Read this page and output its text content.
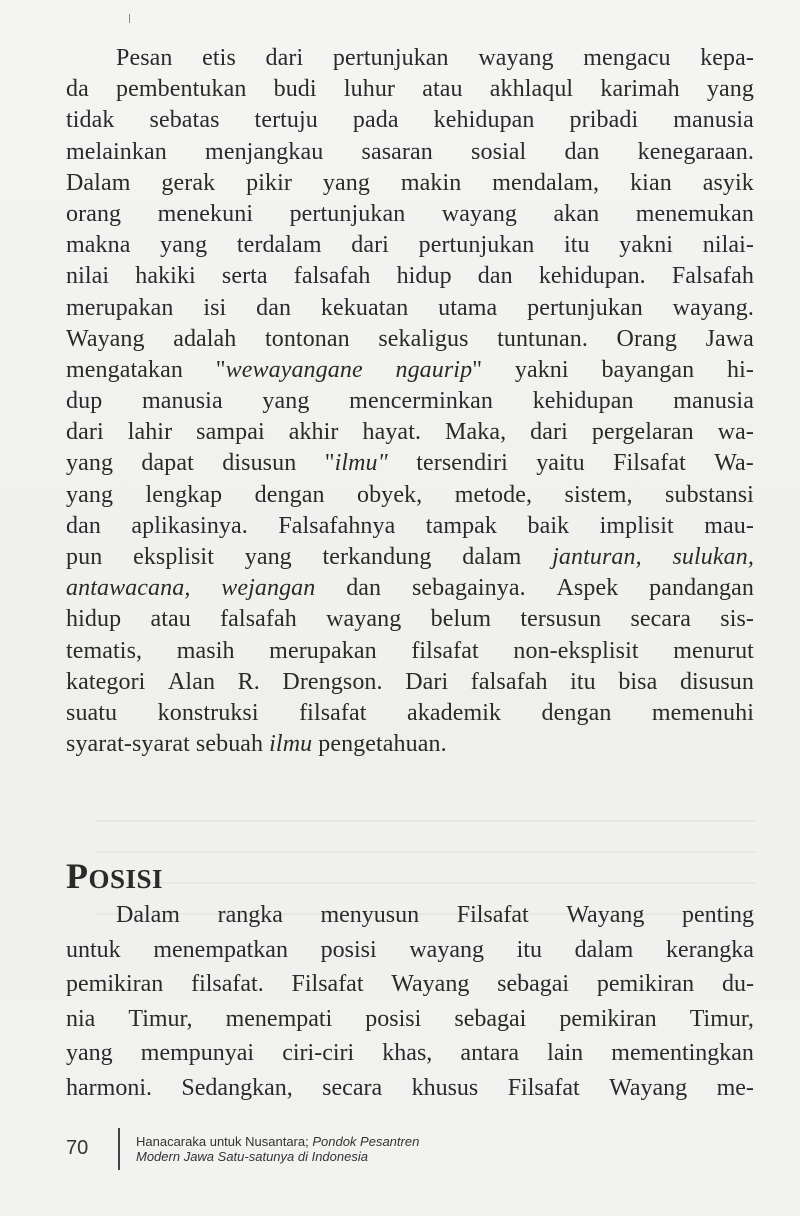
Pesan etis dari pertunjukan wayang mengacu kepa-
da pembentukan budi luhur atau akhlaqul karimah yang
tidak sebatas tertuju pada kehidupan pribadi manusia
melainkan menjangkau sasaran sosial dan kenegaraan.
Dalam gerak pikir yang makin mendalam, kian asyik
orang menekuni pertunjukan wayang akan menemukan
makna yang terdalam dari pertunjukan itu yakni nilai-
nilai hakiki serta falsafah hidup dan kehidupan. Falsafah
merupakan isi dan kekuatan utama pertunjukan wayang.
Wayang adalah tontonan sekaligus tuntunan. Orang Jawa
mengatakan "wewayangane ngaurip" yakni bayangan hi-
dup manusia yang mencerminkan kehidupan manusia
dari lahir sampai akhir hayat. Maka, dari pergelaran wa-
yang dapat disusun "ilmu" tersendiri yaitu Filsafat Wa-
yang lengkap dengan obyek, metode, sistem, substansi
dan aplikasinya. Falsafahnya tampak baik implisit mau-
pun eksplisit yang terkandung dalam janturan, sulukan,
antawacana, wejangan dan sebagainya. Aspek pandangan
hidup atau falsafah wayang belum tersusun secara sis-
tematis, masih merupakan filsafat non-eksplisit menurut
kategori Alan R. Drengson. Dari falsafah itu bisa disusun
suatu konstruksi filsafat akademik dengan memenuhi
syarat-syarat sebuah ilmu pengetahuan.
POSISI
Dalam rangka menyusun Filsafat Wayang penting
untuk menempatkan posisi wayang itu dalam kerangka
pemikiran filsafat. Filsafat Wayang sebagai pemikiran du-
nia Timur, menempati posisi sebagai pemikiran Timur,
yang mempunyai ciri-ciri khas, antara lain mementingkan
harmoni. Sedangkan, secara khusus Filsafat Wayang me-
70	Hanacaraka untuk Nusantara; Pondok Pesantren
Modern Jawa Satu-satunya di Indonesia
